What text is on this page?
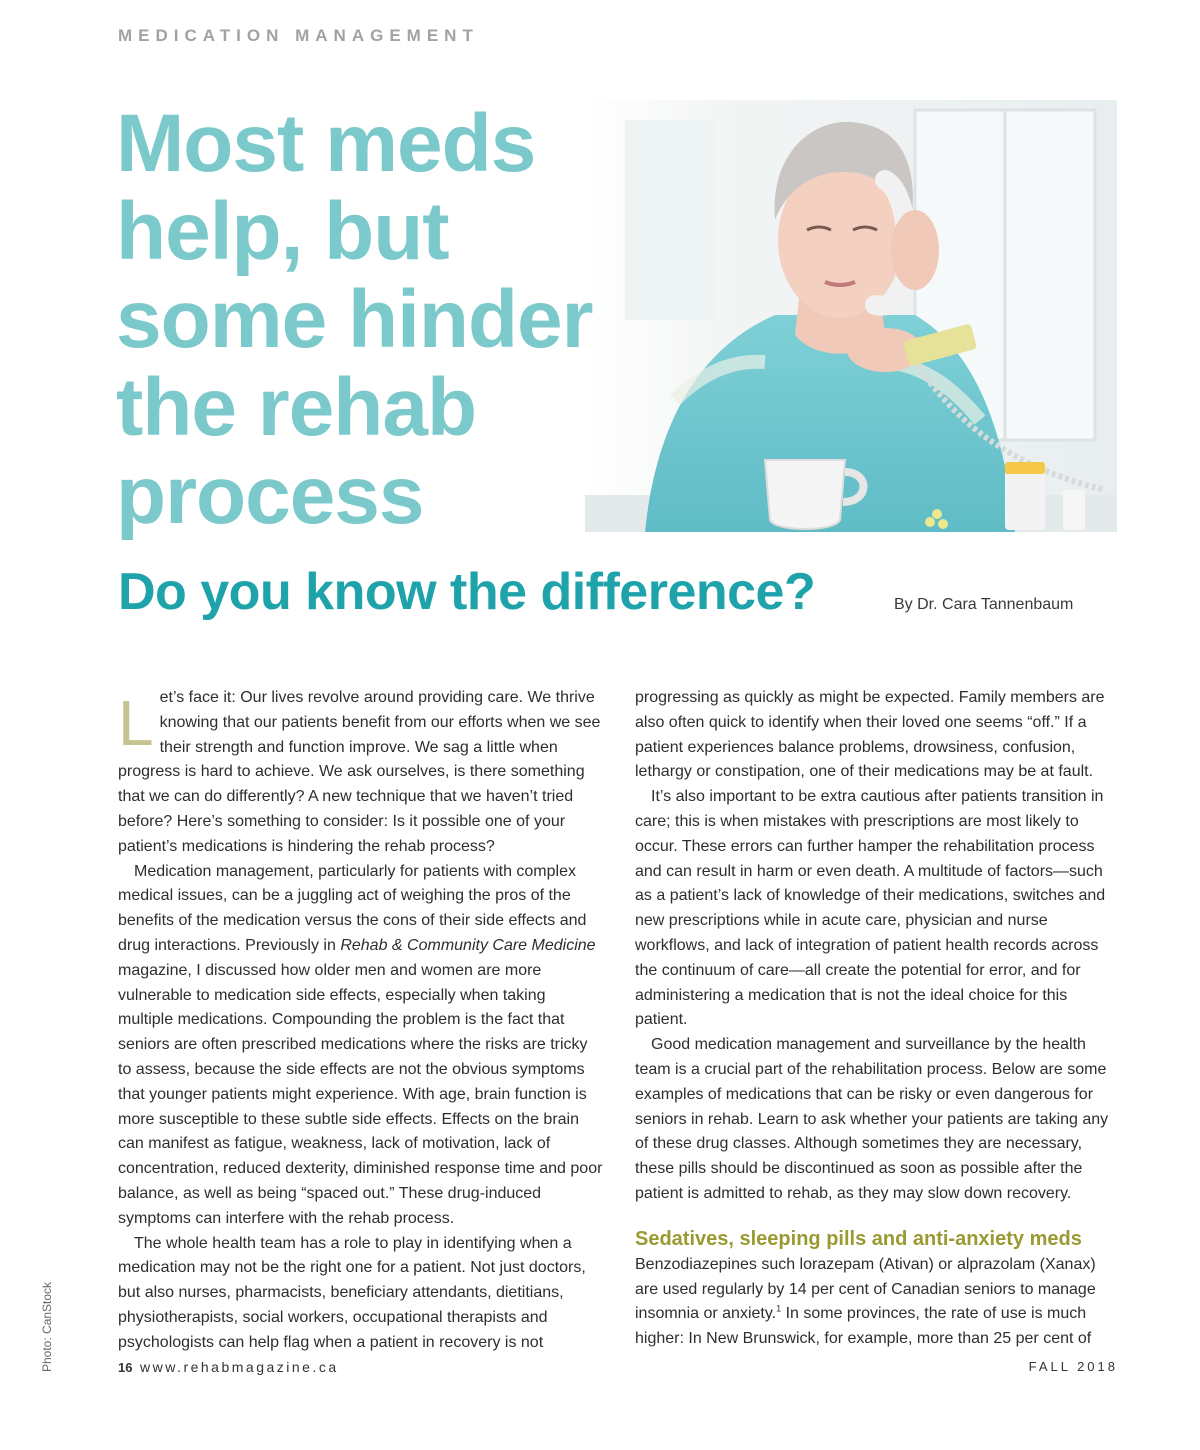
MEDICATION MANAGEMENT
Most meds
help, but
some hinder
the rehab
process
Do you know the difference?	By Dr. Cara Tannenbaum

Let’s face it: Our lives revolve around providing care. We thrive knowing that our patients benefit from our efforts when we see their strength and function improve. We sag a little when progress is hard to achieve. We ask ourselves, is there something that we can do differently? A new technique that we haven’t tried before? Here’s something to consider: Is it possible one of your patient’s medications is hindering the rehab process?

Medication management, particularly for patients with complex medical issues, can be a juggling act of weighing the pros of the benefits of the medication versus the cons of their side effects and drug interactions. Previously in Rehab & Community Care Medicine magazine, I discussed how older men and women are more vulnerable to medication side effects, especially when taking multiple medications. Compounding the problem is the fact that seniors are often prescribed medications where the risks are tricky to assess, because the side effects are not the obvious symptoms that younger patients might experience. With age, brain function is more susceptible to these subtle side effects. Effects on the brain can manifest as fatigue, weakness, lack of motivation, lack of concentration, reduced dexterity, diminished response time and poor balance, as well as being “spaced out.” These drug-induced symptoms can interfere with the rehab process.

The whole health team has a role to play in identifying when a medication may not be the right one for a patient. Not just doctors, but also nurses, pharmacists, beneficiary attendants, dietitians, physiotherapists, social workers, occupational therapists and psychologists can help flag when a patient in recovery is not

progressing as quickly as might be expected. Family members are also often quick to identify when their loved one seems “off.” If a patient experiences balance problems, drowsiness, confusion, lethargy or constipation, one of their medications may be at fault.

It’s also important to be extra cautious after patients transition in care; this is when mistakes with prescriptions are most likely to occur. These errors can further hamper the rehabilitation process and can result in harm or even death. A multitude of factors—such as a patient’s lack of knowledge of their medications, switches and new prescriptions while in acute care, physician and nurse workflows, and lack of integration of patient health records across the continuum of care—all create the potential for error, and for administering a medication that is not the ideal choice for this patient.

Good medication management and surveillance by the health team is a crucial part of the rehabilitation process. Below are some examples of medications that can be risky or even dangerous for seniors in rehab. Learn to ask whether your patients are taking any of these drug classes. Although sometimes they are necessary, these pills should be discontinued as soon as possible after the patient is admitted to rehab, as they may slow down recovery.

Sedatives, sleeping pills and anti-anxiety meds

Benzodiazepines such lorazepam (Ativan) or alprazolam (Xanax) are used regularly by 14 per cent of Canadian seniors to manage insomnia or anxiety.$^1$ In some provinces, the rate of use is much higher: In New Brunswick, for example, more than 25 per cent of

Photo: CanStock	16 www.rehabmagazine.ca	FALL 2018
